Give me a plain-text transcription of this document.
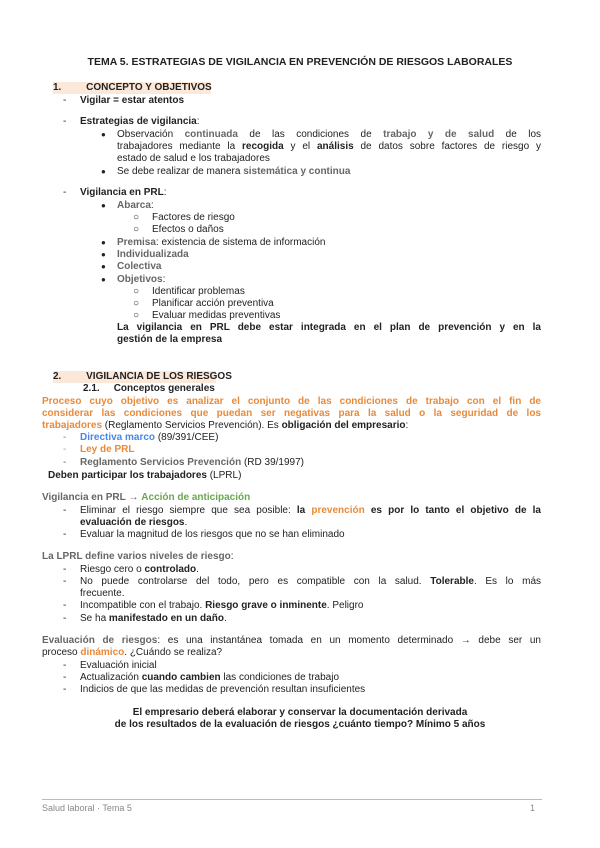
TEMA 5. ESTRATEGIAS DE VIGILANCIA EN PREVENCIÓN DE RIESGOS LABORALES
1. CONCEPTO Y OBJETIVOS
- Vigilar = estar atentos
- Estrategias de vigilancia:
● Observación continuada de las condiciones de trabajo y de salud de los
trabajadores mediante la recogida y el análisis de datos sobre factores de riesgo y
estado de salud e los trabajadores
● Se debe realizar de manera sistemática y continua
- Vigilancia en PRL:
● Abarca:
○ Factores de riesgo
○ Efectos o daños
● Premisa: existencia de sistema de información
● Individualizada
● Colectiva
● Objetivos:
○ Identificar problemas
○ Planificar acción preventiva
○ Evaluar medidas preventivas
La vigilancia en PRL debe estar integrada en el plan de prevención y en la
gestión de la empresa
2. VIGILANCIA DE LOS RIESGOS
2.1. Conceptos generales
Proceso cuyo objetivo es analizar el conjunto de las condiciones de trabajo con el fin de
considerar las condiciones que puedan ser negativas para la salud o la seguridad de los
trabajadores (Reglamento Servicios Prevención). Es obligación del empresario:
- Directiva marco (89/391/CEE)
- Ley de PRL
- Reglamento Servicios Prevención (RD 39/1997)
Deben participar los trabajadores (LPRL)
Vigilancia en PRL → Acción de anticipación
- Eliminar el riesgo siempre que sea posible: la prevención es por lo tanto el objetivo de la
evaluación de riesgos.
- Evaluar la magnitud de los riesgos que no se han eliminado
La LPRL define varios niveles de riesgo:
- Riesgo cero o controlado.
- No puede controlarse del todo, pero es compatible con la salud. Tolerable. Es lo más
frecuente.
- Incompatible con el trabajo. Riesgo grave o inminente. Peligro
- Se ha manifestado en un daño.
Evaluación de riesgos: es una instantánea tomada en un momento determinado → debe ser un
proceso dinámico. ¿Cuándo se realiza?
- Evaluación inicial
- Actualización cuando cambien las condiciones de trabajo
- Indicios de que las medidas de prevención resultan insuficientes
El empresario deberá elaborar y conservar la documentación derivada
de los resultados de la evaluación de riesgos ¿cuánto tiempo? Mínimo 5 años
Salud laboral · Tema 5	1
